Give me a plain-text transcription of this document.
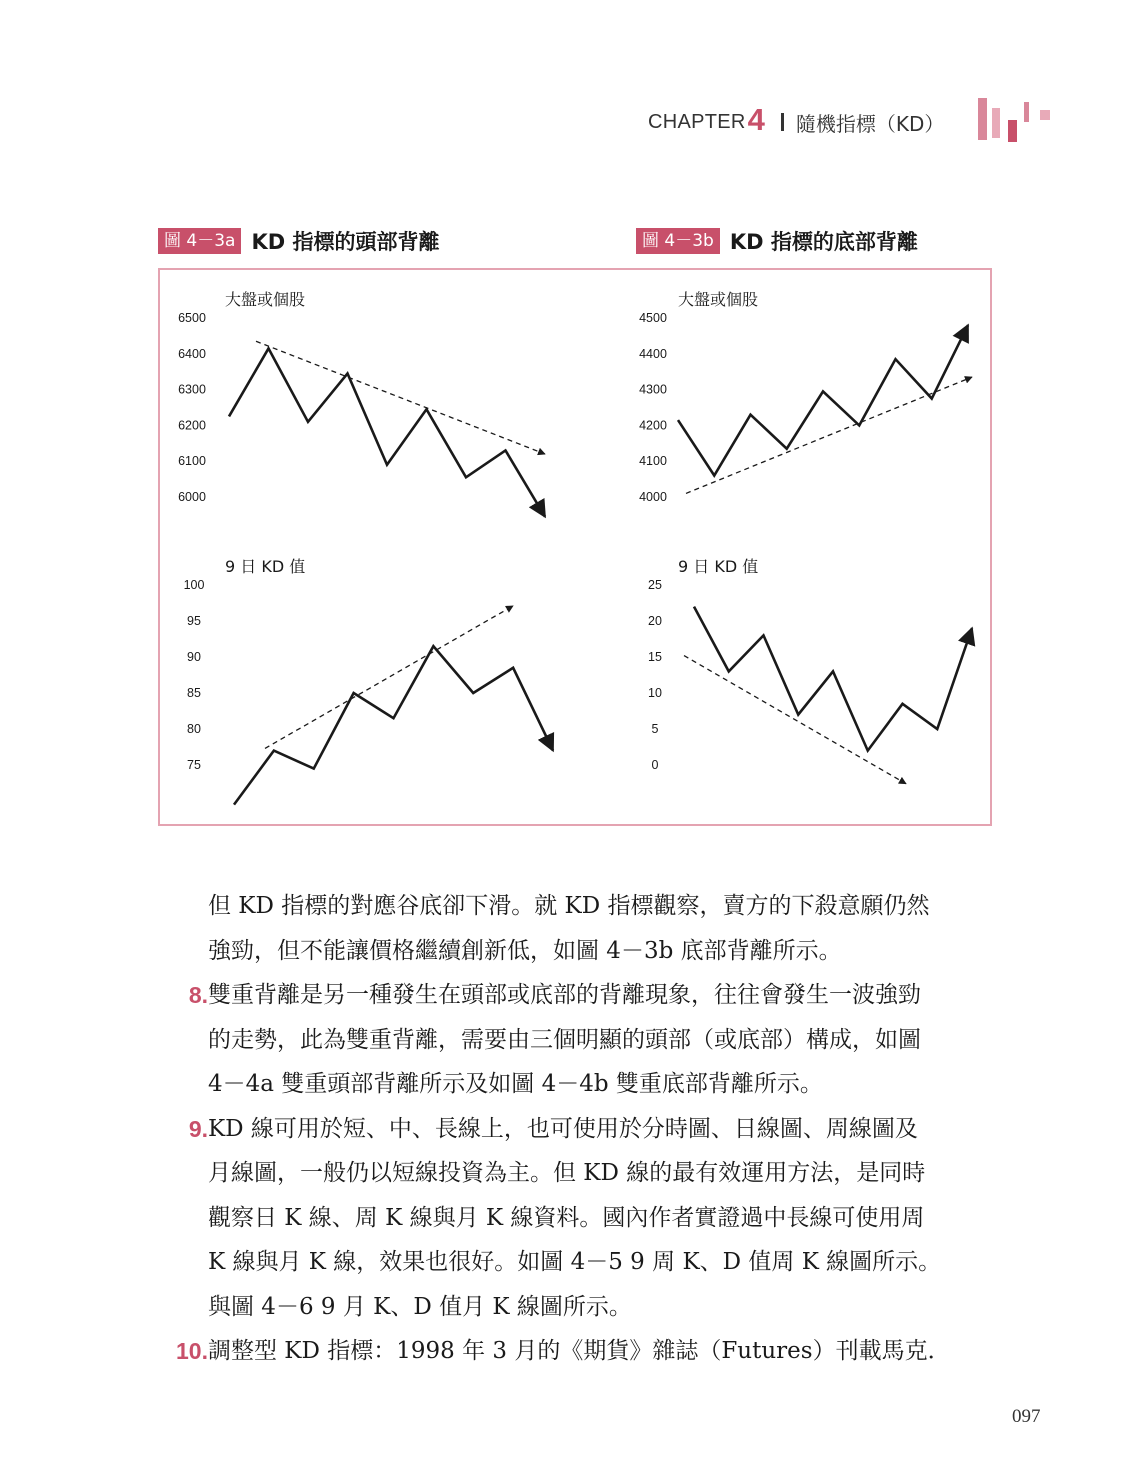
CHAPTER 4 隨機指標（KD）
圖 4－3a KD 指標的頭部背離	圖 4－3b KD 指標的底部背離
大盤或個股
6500
6400
6300
6200
6100
6000
大盤或個股
4500
4400
4300
4200
4100
4000
9 日 KD 值
100
95
90
85
80
75
9 日 KD 值
25
20
15
10
5
0
但 KD 指標的對應谷底卻下滑。就 KD 指標觀察，賣方的下殺意願仍然
強勁，但不能讓價格繼續創新低，如圖 4－3b 底部背離所示。
8. 雙重背離是另一種發生在頭部或底部的背離現象，往往會發生一波強勁
的走勢，此為雙重背離，需要由三個明顯的頭部（或底部）構成，如圖
4－4a 雙重頭部背離所示及如圖 4－4b 雙重底部背離所示。
9. KD 線可用於短、中、長線上，也可使用於分時圖、日線圖、周線圖及
月線圖，一般仍以短線投資為主。但 KD 線的最有效運用方法，是同時
觀察日 K 線、周 K 線與月 K 線資料。國內作者實證過中長線可使用周
K 線與月 K 線，效果也很好。如圖 4－5 9 周 K、D 值周 K 線圖所示。
與圖 4－6 9 月 K、D 值月 K 線圖所示。
10. 調整型 KD 指標：1998 年 3 月的《期貨》雜誌（Futures）刊載馬克．
097
